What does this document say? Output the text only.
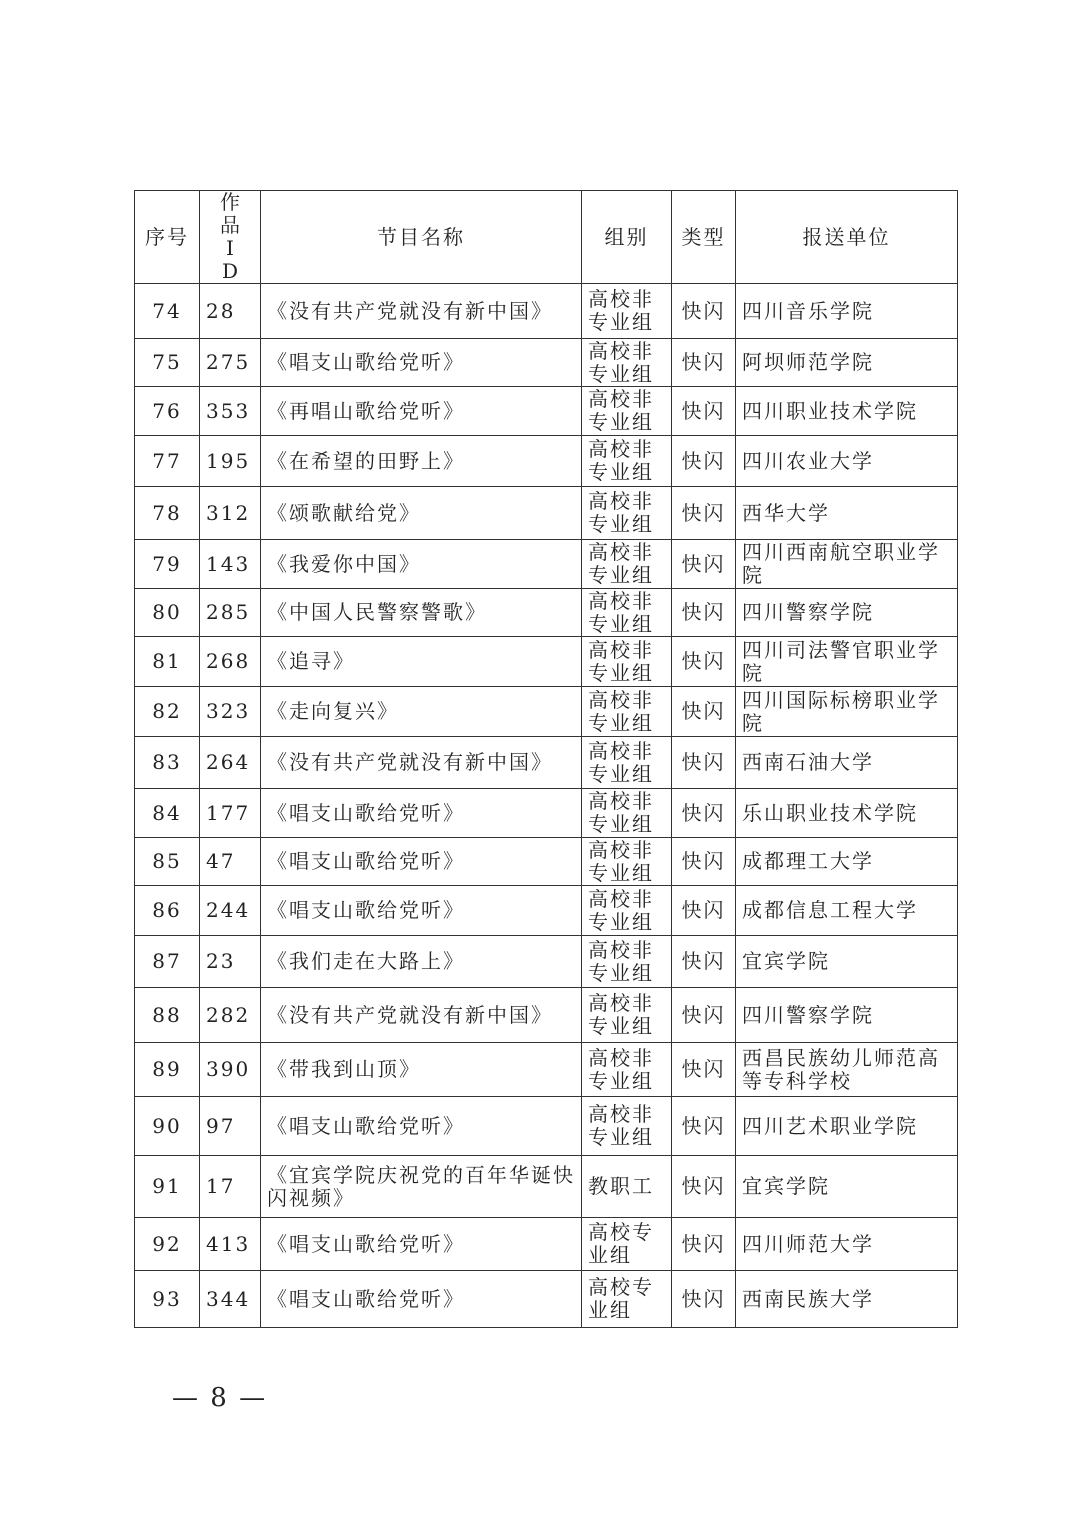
序号	作品ID	节目名称	组别	类型	报送单位
74	28	《没有共产党就没有新中国》	高校非专业组	快闪	四川音乐学院
75	275	《唱支山歌给党听》	高校非专业组	快闪	阿坝师范学院
76	353	《再唱山歌给党听》	高校非专业组	快闪	四川职业技术学院
77	195	《在希望的田野上》	高校非专业组	快闪	四川农业大学
78	312	《颂歌献给党》	高校非专业组	快闪	西华大学
79	143	《我爱你中国》	高校非专业组	快闪	四川西南航空职业学院
80	285	《中国人民警察警歌》	高校非专业组	快闪	四川警察学院
81	268	《追寻》	高校非专业组	快闪	四川司法警官职业学院
82	323	《走向复兴》	高校非专业组	快闪	四川国际标榜职业学院
83	264	《没有共产党就没有新中国》	高校非专业组	快闪	西南石油大学
84	177	《唱支山歌给党听》	高校非专业组	快闪	乐山职业技术学院
85	47	《唱支山歌给党听》	高校非专业组	快闪	成都理工大学
86	244	《唱支山歌给党听》	高校非专业组	快闪	成都信息工程大学
87	23	《我们走在大路上》	高校非专业组	快闪	宜宾学院
88	282	《没有共产党就没有新中国》	高校非专业组	快闪	四川警察学院
89	390	《带我到山顶》	高校非专业组	快闪	西昌民族幼儿师范高等专科学校
90	97	《唱支山歌给党听》	高校非专业组	快闪	四川艺术职业学院
91	17	《宜宾学院庆祝党的百年华诞快闪视频》	教职工	快闪	宜宾学院
92	413	《唱支山歌给党听》	高校专业组	快闪	四川师范大学
93	344	《唱支山歌给党听》	高校专业组	快闪	西南民族大学
— 8 —
